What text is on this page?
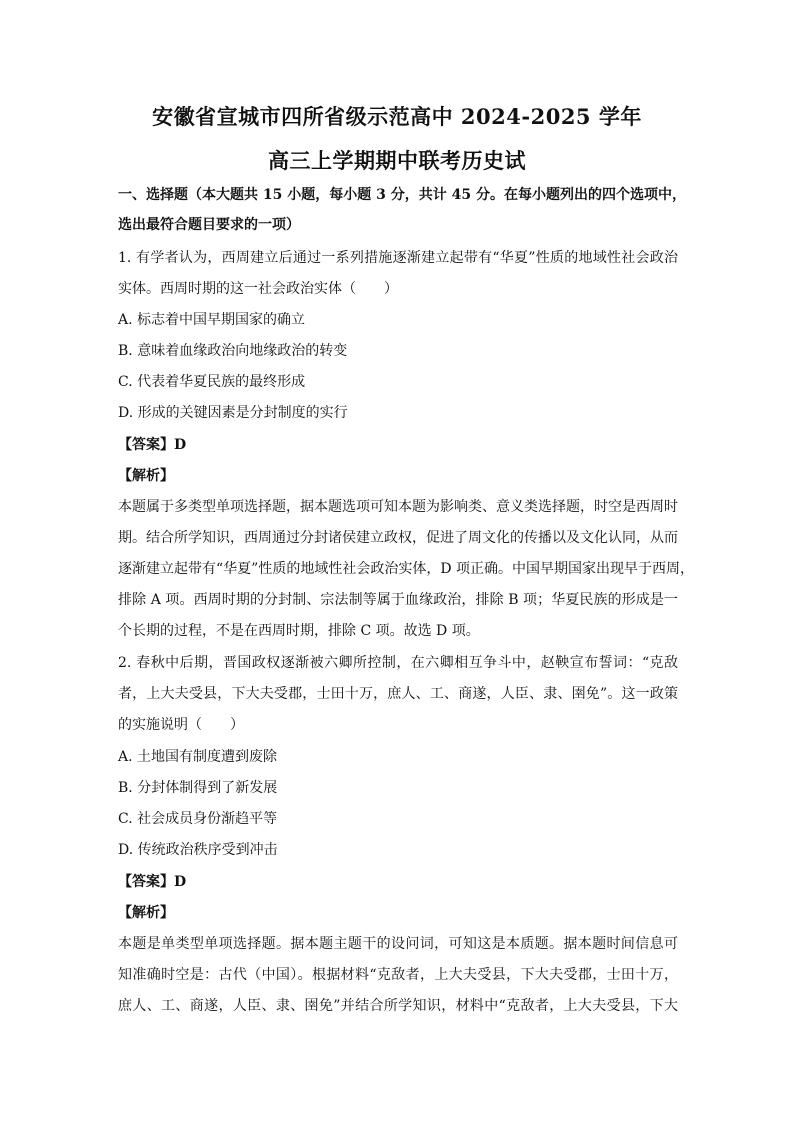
安徽省宣城市四所省级示范高中 2024-2025 学年
高三上学期期中联考历史试
一、选择题（本大题共 15 小题，每小题 3 分，共计 45 分。在每小题列出的四个选项中，
选出最符合题目要求的一项）
1. 有学者认为，西周建立后通过一系列措施逐渐建立起带有“华夏”性质的地域性社会政治
实体。西周时期的这一社会政治实体（　　）
A. 标志着中国早期国家的确立
B. 意味着血缘政治向地缘政治的转变
C. 代表着华夏民族的最终形成
D. 形成的关键因素是分封制度的实行
【答案】D
【解析】
本题属于多类型单项选择题，据本题选项可知本题为影响类、意义类选择题，时空是西周时
期。结合所学知识，西周通过分封诸侯建立政权，促进了周文化的传播以及文化认同，从而
逐渐建立起带有“华夏”性质的地域性社会政治实体，D 项正确。中国早期国家出现早于西周，
排除 A 项。西周时期的分封制、宗法制等属于血缘政治，排除 B 项；华夏民族的形成是一
个长期的过程，不是在西周时期，排除 C 项。故选 D 项。
2. 春秋中后期，晋国政权逐渐被六卿所控制，在六卿相互争斗中，赵鞅宣布誓词：“克敌
者，上大夫受县，下大夫受郡，士田十万，庶人、工、商遂，人臣、隶、圉免”。这一政策
的实施说明（　　）
A. 土地国有制度遭到废除
B. 分封体制得到了新发展
C. 社会成员身份渐趋平等
D. 传统政治秩序受到冲击
【答案】D
【解析】
本题是单类型单项选择题。据本题主题干的设问词，可知这是本质题。据本题时间信息可
知准确时空是：古代（中国）。根据材料“克敌者，上大夫受县，下大夫受郡，士田十万，
庶人、工、商遂，人臣、隶、圉免”并结合所学知识，材料中“克敌者，上大夫受县，下大
